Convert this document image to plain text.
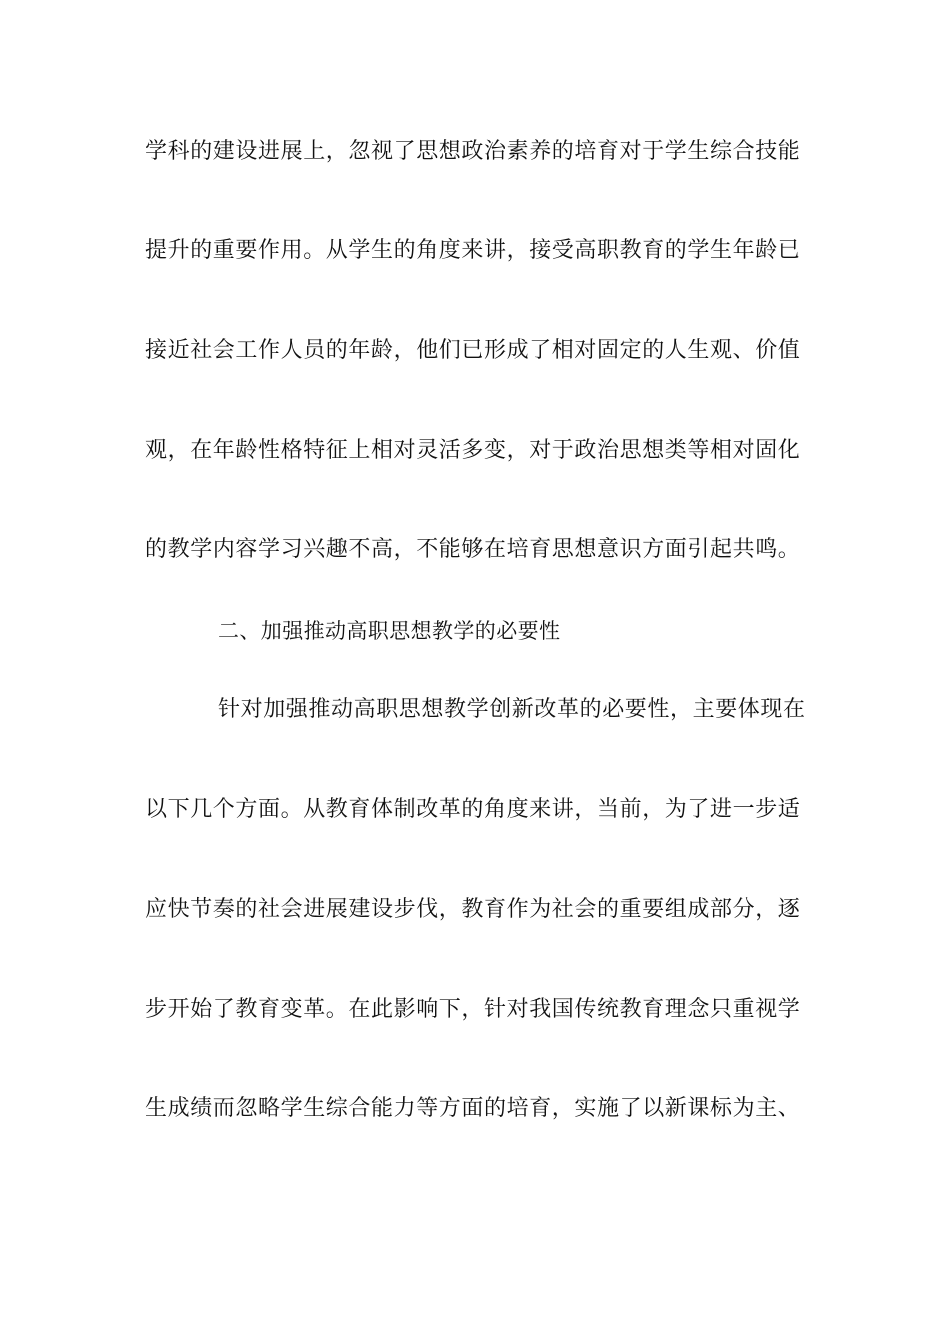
学科的建设进展上，忽视了思想政治素养的培育对于学生综合技能
提升的重要作用。从学生的角度来讲，接受高职教育的学生年龄已
接近社会工作人员的年龄，他们已形成了相对固定的人生观、价值
观，在年龄性格特征上相对灵活多变，对于政治思想类等相对固化
的教学内容学习兴趣不高，不能够在培育思想意识方面引起共鸣。
二、加强推动高职思想教学的必要性
针对加强推动高职思想教学创新改革的必要性，主要体现在
以下几个方面。从教育体制改革的角度来讲，当前，为了进一步适
应快节奏的社会进展建设步伐，教育作为社会的重要组成部分，逐
步开始了教育变革。在此影响下，针对我国传统教育理念只重视学
生成绩而忽略学生综合能力等方面的培育，实施了以新课标为主、
